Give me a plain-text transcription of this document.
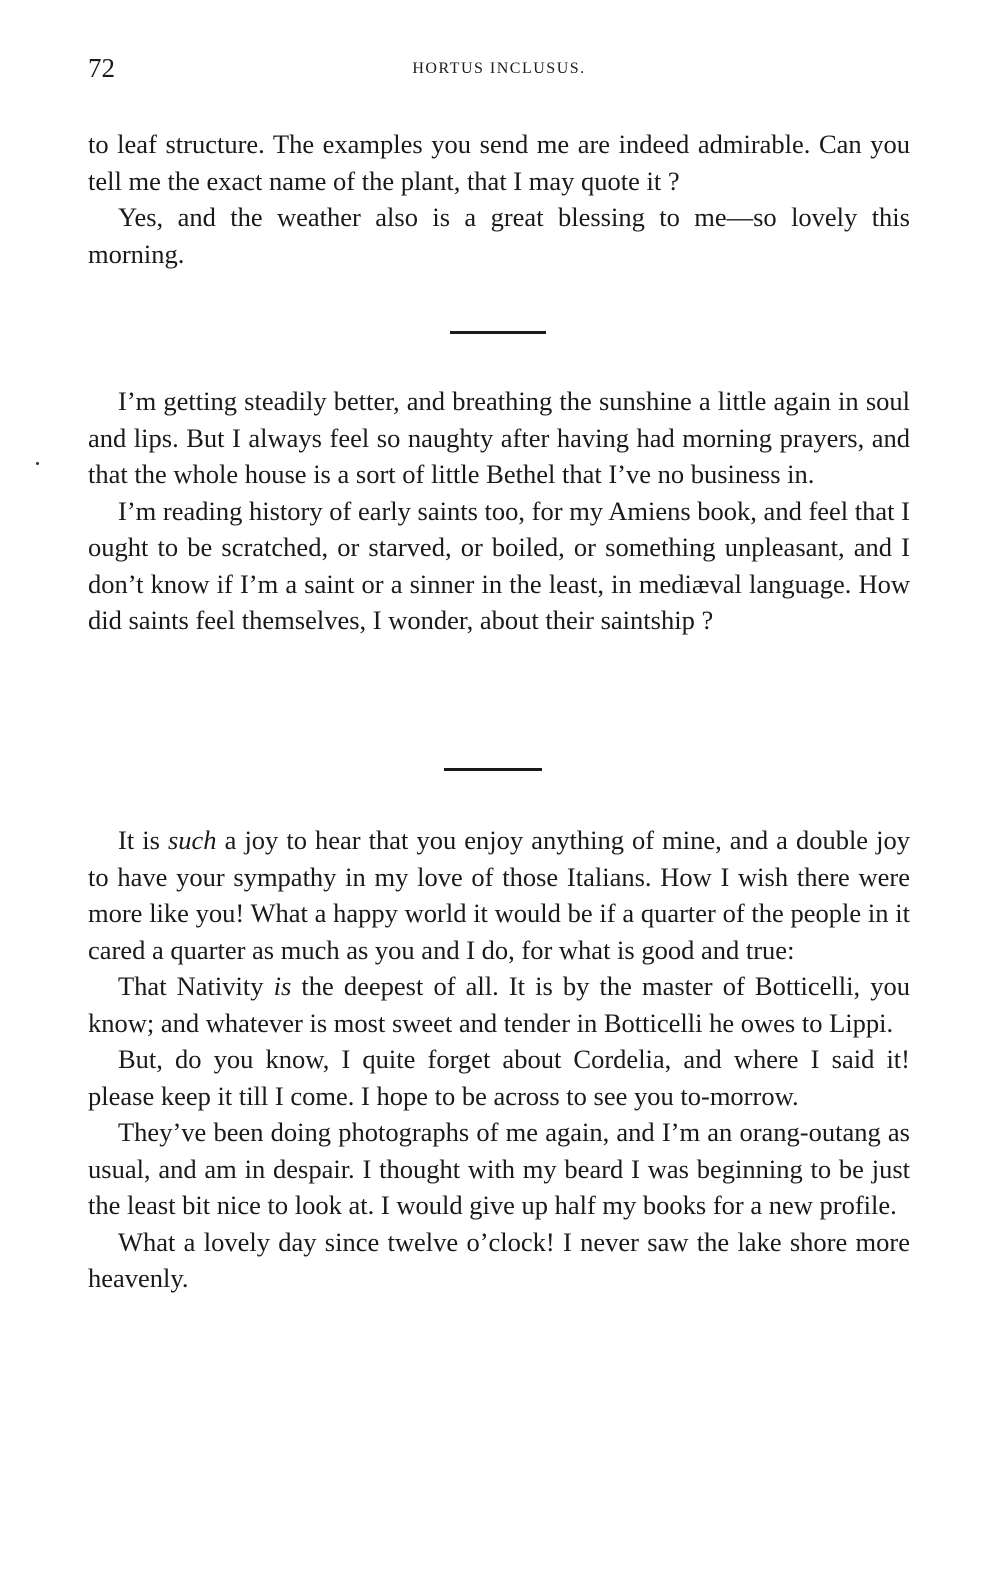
72	HORTUS INCLUSUS.

to leaf structure. The examples you send me are indeed admirable. Can you tell me the exact name of the plant, that I may quote it ?

Yes, and the weather also is a great blessing to me—so lovely this morning.

I’m getting steadily better, and breathing the sunshine a little again in soul and lips. But I always feel so naughty after having had morning prayers, and that the whole house is a sort of little Bethel that I’ve no business in.

I’m reading history of early saints too, for my Amiens book, and feel that I ought to be scratched, or starved, or boiled, or something unpleasant, and I don’t know if I’m a saint or a sinner in the least, in mediæval language. How did saints feel themselves, I wonder, about their saintship ?

It is such a joy to hear that you enjoy anything of mine, and a double joy to have your sympathy in my love of those Italians. How I wish there were more like you! What a happy world it would be if a quarter of the people in it cared a quarter as much as you and I do, for what is good and true:

That Nativity is the deepest of all. It is by the master of Botticelli, you know; and whatever is most sweet and tender in Botticelli he owes to Lippi.

But, do you know, I quite forget about Cordelia, and where I said it! please keep it till I come. I hope to be across to see you to-morrow.

They’ve been doing photographs of me again, and I’m an orang-outang as usual, and am in despair. I thought with my beard I was beginning to be just the least bit nice to look at. I would give up half my books for a new profile.

What a lovely day since twelve o’clock! I never saw the lake shore more heavenly.
